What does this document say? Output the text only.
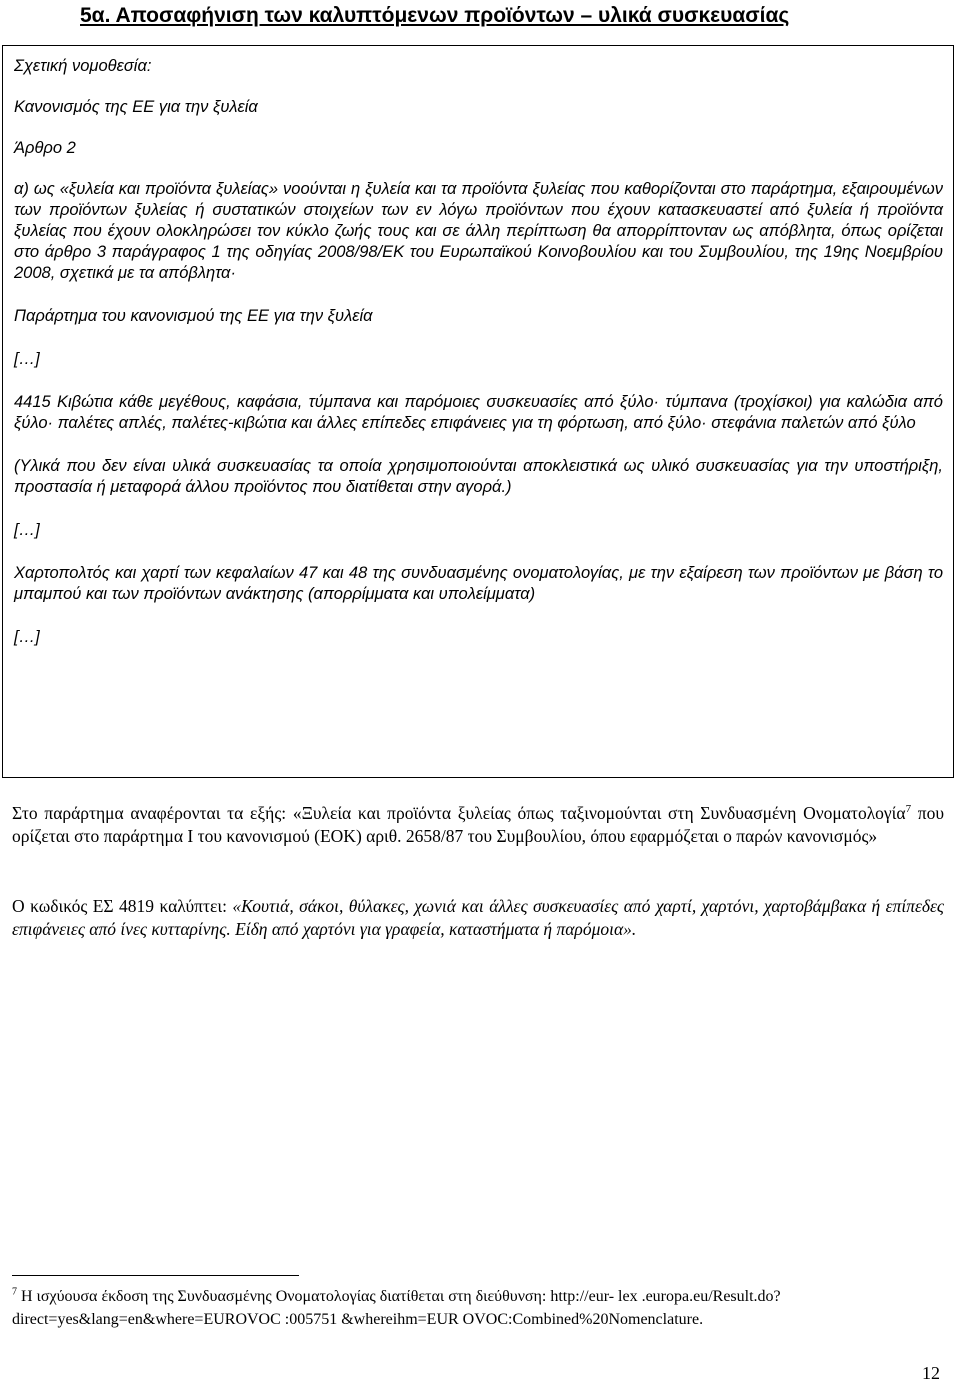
5α. Αποσαφήνιση των καλυπτόμενων προϊόντων – υλικά συσκευασίας

Σχετική νομοθεσία:

Κανονισμός της ΕΕ για την ξυλεία

Άρθρο 2

α) ως «ξυλεία και προϊόντα ξυλείας» νοούνται η ξυλεία και τα προϊόντα ξυλείας που καθορίζονται στο παράρτημα, εξαιρουμένων των προϊόντων ξυλείας ή συστατικών στοιχείων των εν λόγω προϊόντων που έχουν κατασκευαστεί από ξυλεία ή προϊόντα ξυλείας που έχουν ολοκληρώσει τον κύκλο ζωής τους και σε άλλη περίπτωση θα απορρίπτονταν ως απόβλητα, όπως ορίζεται στο άρθρο 3 παράγραφος 1 της οδηγίας 2008/98/ΕΚ του Ευρωπαϊκού Κοινοβουλίου και του Συμβουλίου, της 19ης Νοεμβρίου 2008, σχετικά με τα απόβλητα·

Παράρτημα του κανονισμού της ΕΕ για την ξυλεία

[…]

4415 Κιβώτια κάθε μεγέθους, καφάσια, τύμπανα και παρόμοιες συσκευασίες από ξύλο· τύμπανα (τροχίσκοι) για καλώδια από ξύλο· παλέτες απλές, παλέτες-κιβώτια και άλλες επίπεδες επιφάνειες για τη φόρτωση, από ξύλο· στεφάνια παλετών από ξύλο

(Υλικά που δεν είναι υλικά συσκευασίας τα οποία χρησιμοποιούνται αποκλειστικά ως υλικό συσκευασίας για την υποστήριξη, προστασία ή μεταφορά άλλου προϊόντος που διατίθεται στην αγορά.)

[…]

Χαρτοπολτός και χαρτί των κεφαλαίων 47 και 48 της συνδυασμένης ονοματολογίας, με την εξαίρεση των προϊόντων με βάση το μπαμπού και των προϊόντων ανάκτησης (απορρίμματα και υπολείμματα)

[…]

Στο παράρτημα αναφέρονται τα εξής: «Ξυλεία και προϊόντα ξυλείας όπως ταξινομούνται στη Συνδυασμένη Ονοματολογία$^7$ που ορίζεται στο παράρτημα I του κανονισμού (ΕΟΚ) αριθ. 2658/87 του Συμβουλίου, όπου εφαρμόζεται ο παρών κανονισμός»

Ο κωδικός ΕΣ 4819 καλύπτει: «Κουτιά, σάκοι, θύλακες, χωνιά και άλλες συσκευασίες από χαρτί, χαρτόνι, χαρτοβάμβακα ή επίπεδες επιφάνειες από ίνες κυτταρίνης. Είδη από χαρτόνι για γραφεία, καταστήματα ή παρόμοια».

$^7$ Η ισχύουσα έκδοση της Συνδυασμένης Ονοματολογίας διατίθεται στη διεύθυνση: http://eur- lex .europa.eu/Result.do?direct=yes&lang=en&where=EUROVOC :005751 &whereihm=EUR OVOC:Combined%20Nomenclature.
12
